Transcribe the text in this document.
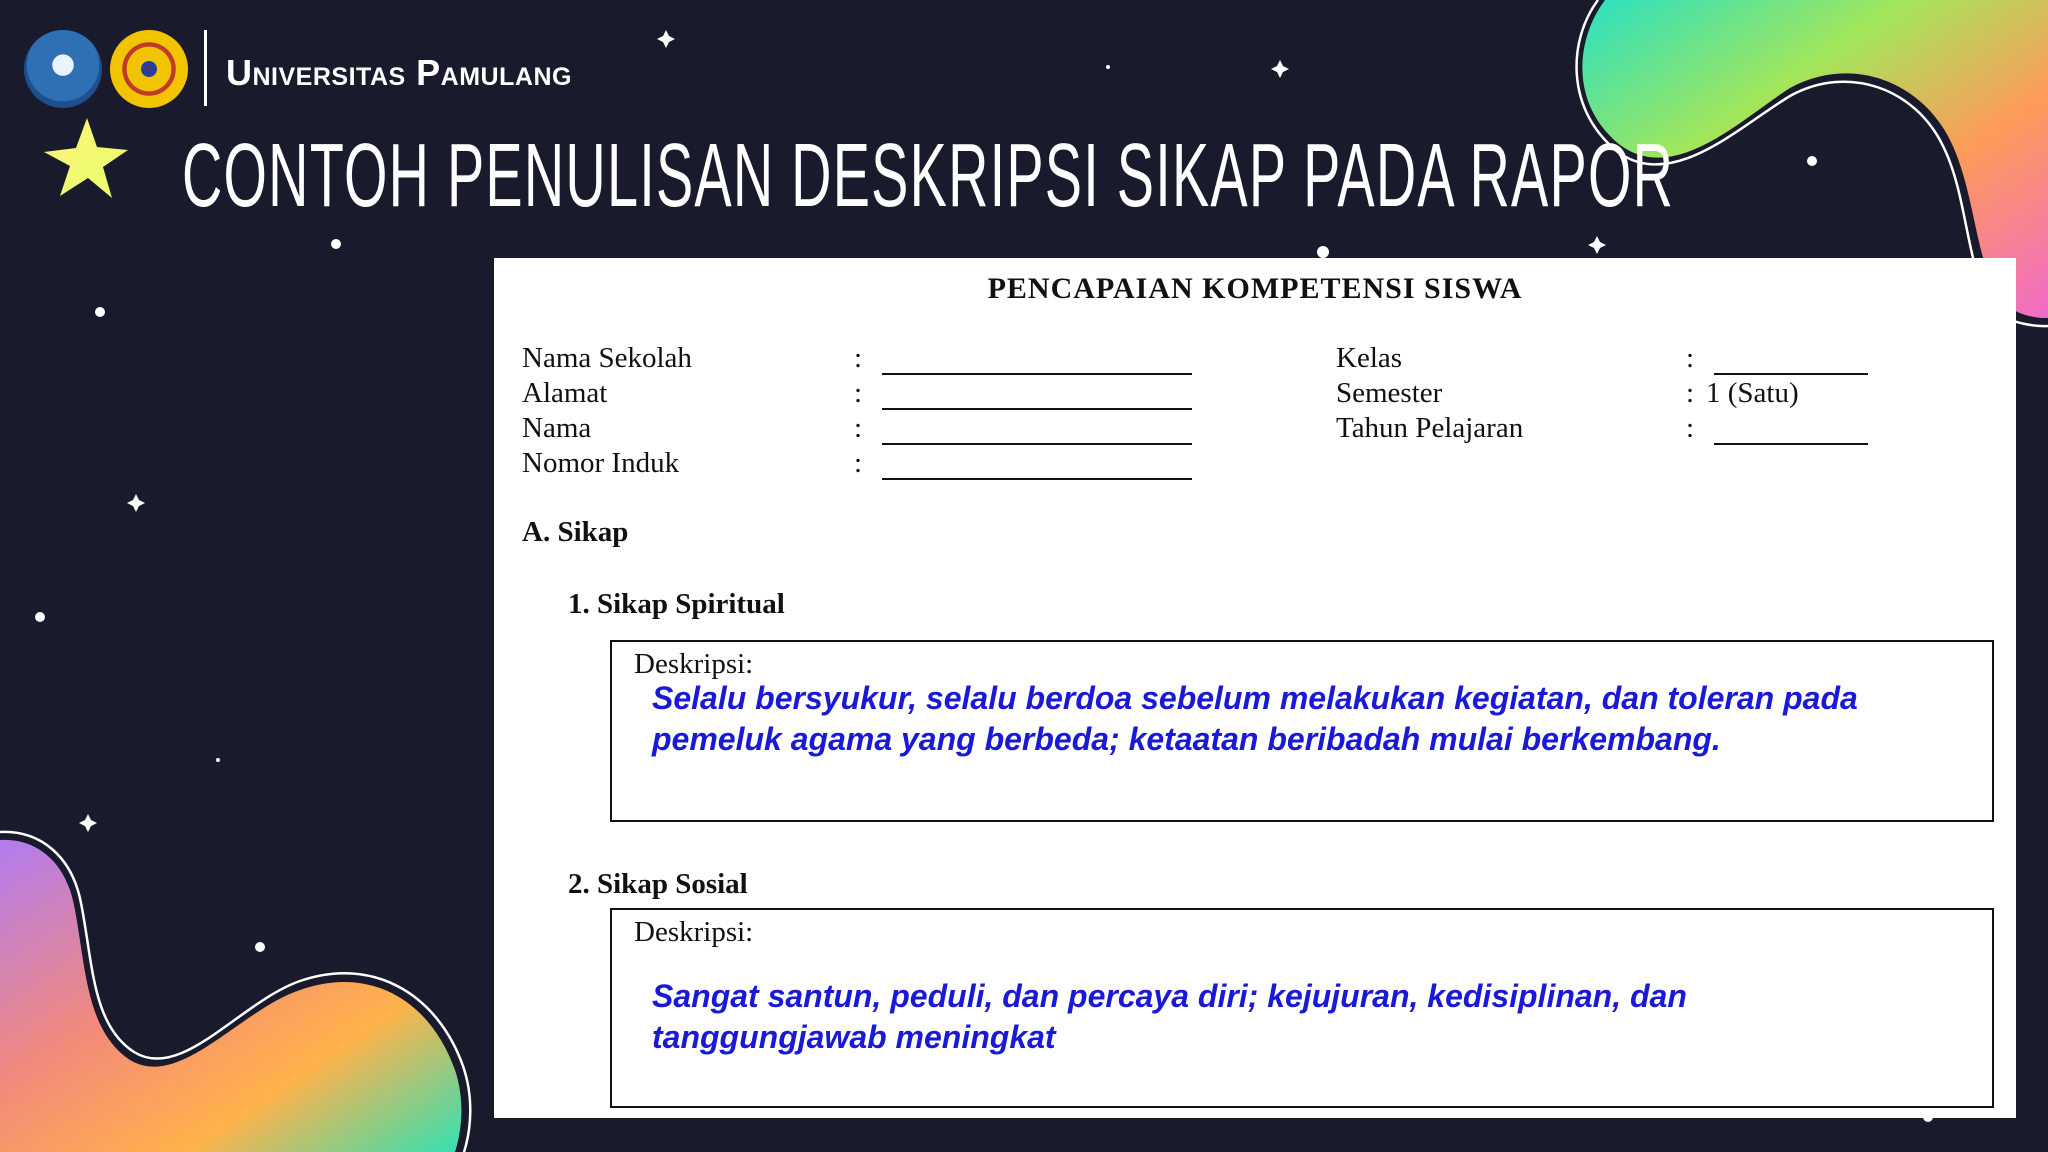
Universitas Pamulang
CONTOH PENULISAN DESKRIPSI SIKAP PADA RAPOR
PENCAPAIAN KOMPETENSI SISWA
Nama Sekolah	:
Alamat	:
Nama	:
Nomor Induk	:
Kelas	:
Semester	: 1 (Satu)
Tahun Pelajaran	:
A. Sikap
1. Sikap Spiritual
Deskripsi:
Selalu bersyukur, selalu berdoa sebelum melakukan kegiatan, dan toleran pada pemeluk agama yang berbeda; ketaatan beribadah mulai berkembang.
2. Sikap Sosial
Deskripsi:
Sangat santun, peduli, dan percaya diri; kejujuran, kedisiplinan, dan tanggungjawab meningkat
